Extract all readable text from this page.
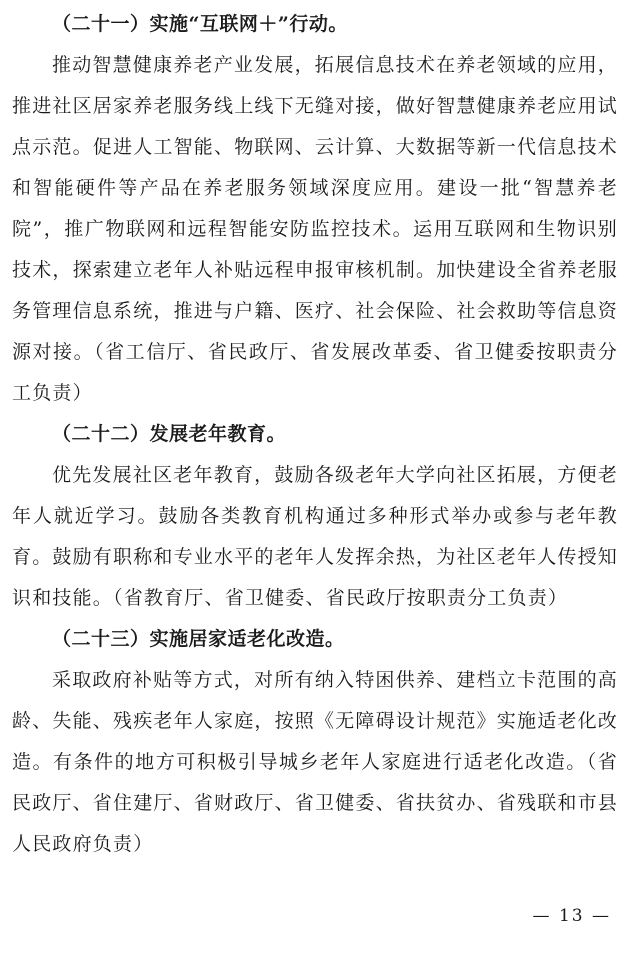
（二十一）实施“互联网＋”行动。

推动智慧健康养老产业发展，拓展信息技术在养老领域的应用，推进社区居家养老服务线上线下无缝对接，做好智慧健康养老应用试点示范。促进人工智能、物联网、云计算、大数据等新一代信息技术和智能硬件等产品在养老服务领域深度应用。建设一批“智慧养老院”，推广物联网和远程智能安防监控技术。运用互联网和生物识别技术，探索建立老年人补贴远程申报审核机制。加快建设全省养老服务管理信息系统，推进与户籍、医疗、社会保险、社会救助等信息资源对接。（省工信厅、省民政厅、省发展改革委、省卫健委按职责分工负责）

（二十二）发展老年教育。

优先发展社区老年教育，鼓励各级老年大学向社区拓展，方便老年人就近学习。鼓励各类教育机构通过多种形式举办或参与老年教育。鼓励有职称和专业水平的老年人发挥余热，为社区老年人传授知识和技能。（省教育厅、省卫健委、省民政厅按职责分工负责）

（二十三）实施居家适老化改造。

采取政府补贴等方式，对所有纳入特困供养、建档立卡范围的高龄、失能、残疾老年人家庭，按照《无障碍设计规范》实施适老化改造。有条件的地方可积极引导城乡老年人家庭进行适老化改造。（省民政厅、省住建厅、省财政厅、省卫健委、省扶贫办、省残联和市县人民政府负责）

— 13 —
